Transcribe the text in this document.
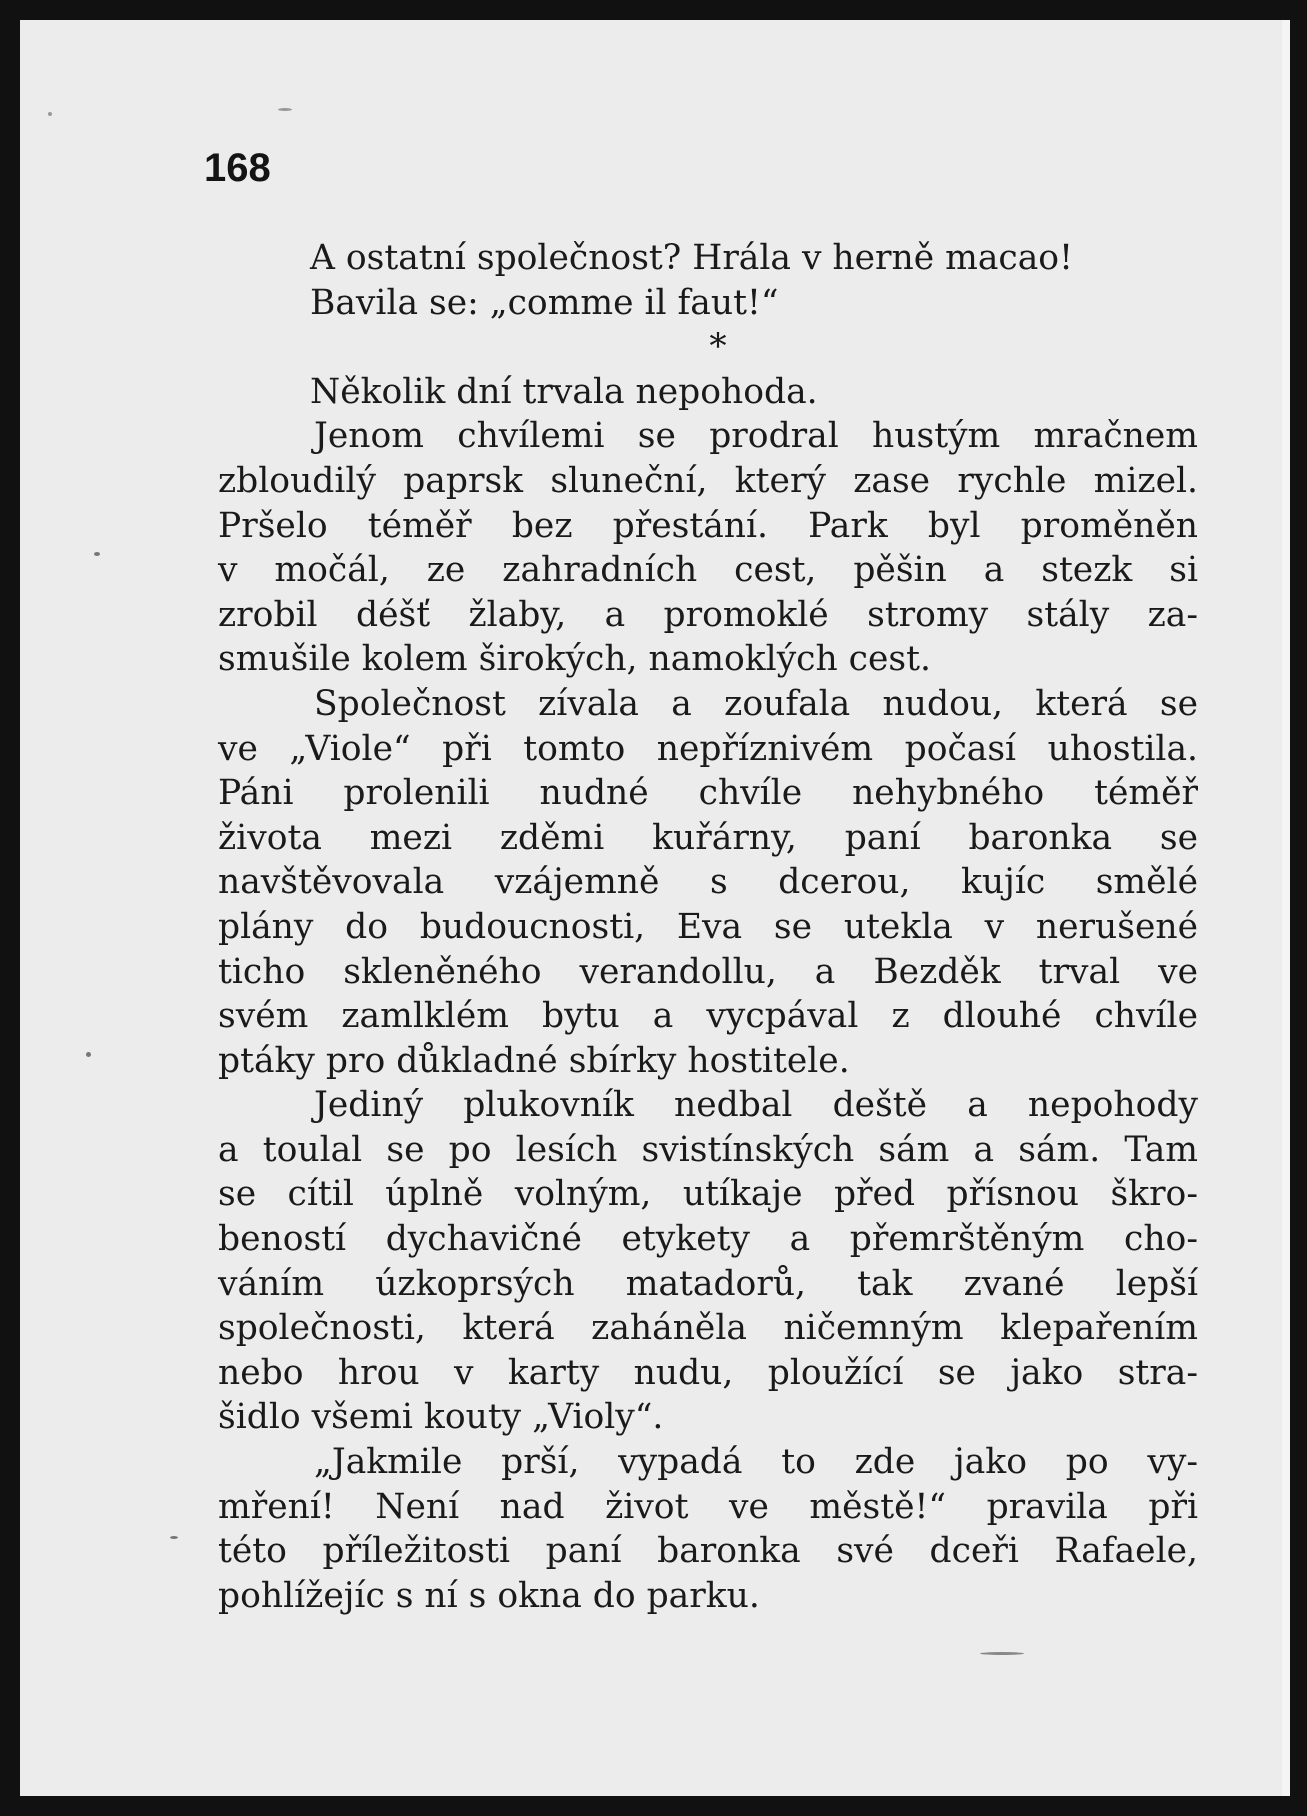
168
A ostatní společnost? Hrála v herně macao!
Bavila se: „comme il faut!“
*
Několik dní trvala nepohoda.
Jenom chvílemi se prodral hustým mračnem
zbloudilý paprsk sluneční, který zase rychle mizel.
Pršelo téměř bez přestání. Park byl proměněn
v močál, ze zahradních cest, pěšin a stezk si
zrobil déšť žlaby, a promoklé stromy stály za-
smušile kolem širokých, namoklých cest.
Společnost zívala a zoufala nudou, která se
ve „Viole“ při tomto nepříznivém počasí uhostila.
Páni prolenili nudné chvíle nehybného téměř
života mezi zděmi kuřárny, paní baronka se
navštěvovala vzájemně s dcerou, kujíc smělé
plány do budoucnosti, Eva se utekla v nerušené
ticho skleněného verandollu, a Bezděk trval ve
svém zamlklém bytu a vycpával z dlouhé chvíle
ptáky pro důkladné sbírky hostitele.
Jediný plukovník nedbal deště a nepohody
a toulal se po lesích svistínských sám a sám. Tam
se cítil úplně volným, utíkaje před přísnou škro-
beností dychavičné etykety a přemrštěným cho-
váním úzkoprsých matadorů, tak zvané lepší
společnosti, která zaháněla ničemným klepařením
nebo hrou v karty nudu, ploužící se jako stra-
šidlo všemi kouty „Violy“.
„Jakmile prší, vypadá to zde jako po vy-
mření! Není nad život ve městě!“ pravila při
této příležitosti paní baronka své dceři Rafaele,
pohlížejíc s ní s okna do parku.
